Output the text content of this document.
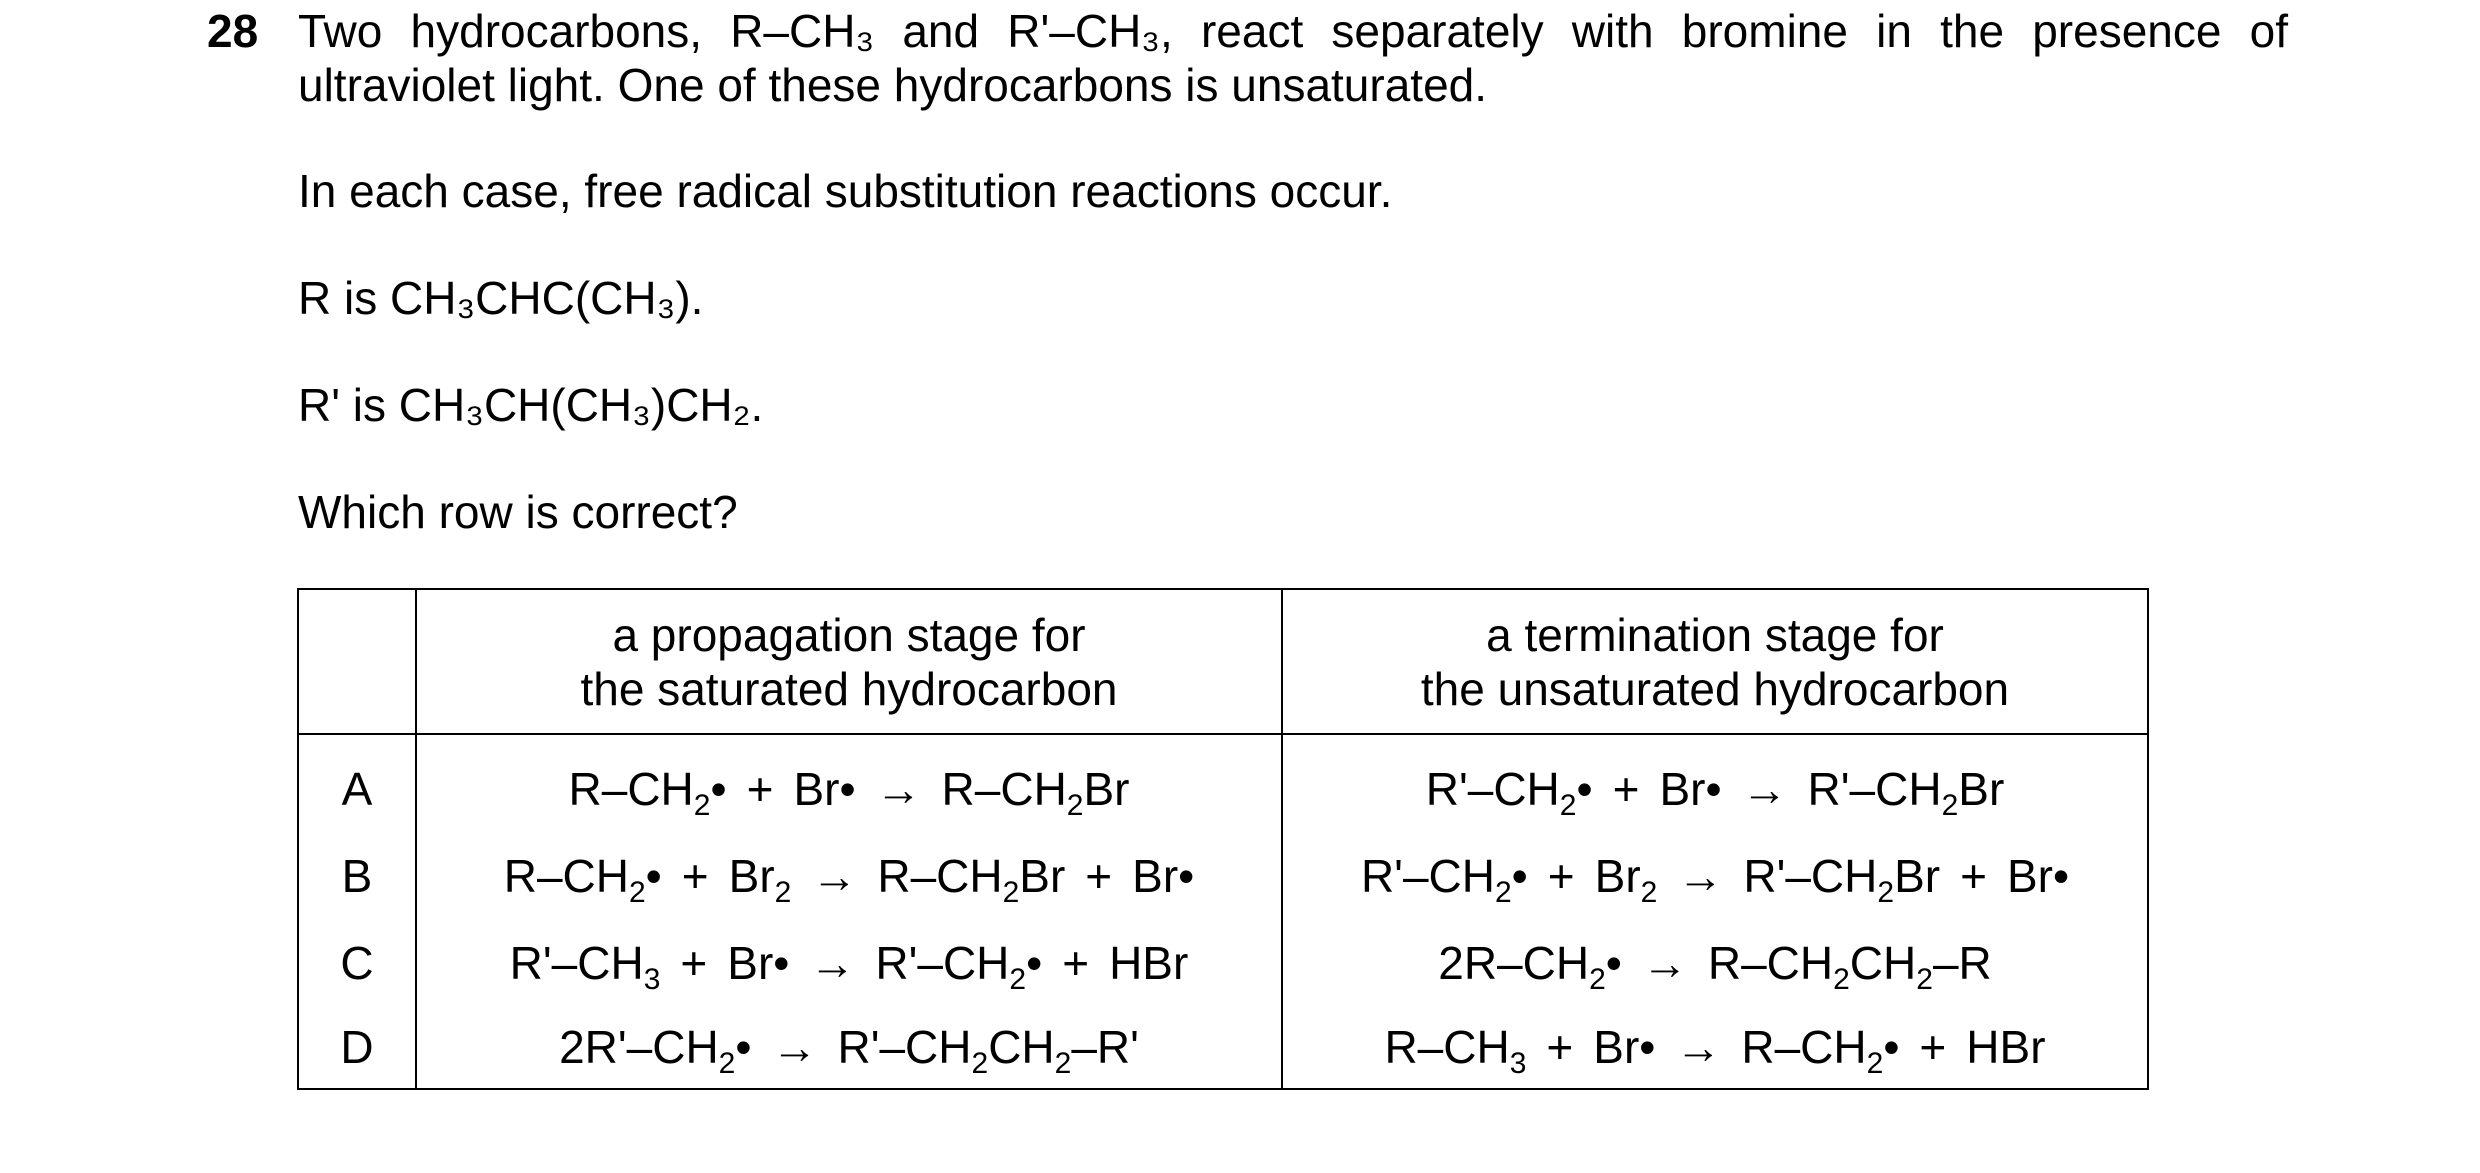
28 Two hydrocarbons, R–CH₃ and R'–CH₃, react separately with bromine in the presence of ultraviolet light. One of these hydrocarbons is unsaturated.
In each case, free radical substitution reactions occur.
R is CH₃CHC(CH₃).
R' is CH₃CH(CH₃)CH₂.
Which row is correct?
	a propagation stage for
the saturated hydrocarbon	a termination stage for
the unsaturated hydrocarbon
A	$R-CH_2•$ + Br• → $R-CH_2Br$	$R'-CH_2•$ + Br• → $R'-CH_2Br$
B	$R-CH_2• + Br_2 \to R-CH_2Br$ + Br•	$R'-CH_2• + Br_2 \to R'-CH_2Br$ + Br•
C	$R'-CH_3$ + Br• → $R'-CH_2•$ + HBr	$2R-CH_2• \to R-CH_2CH_2-R$
D	$2R'-CH_2• \to R'-CH_2CH_2-R'$	$R-CH_3$ + Br• → $R-CH_2•$ + HBr
